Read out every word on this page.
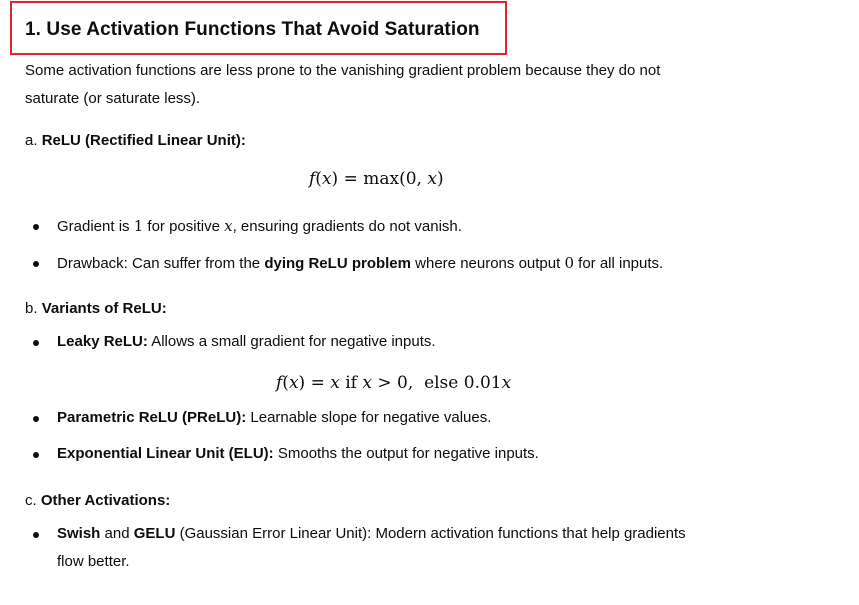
1. Use Activation Functions That Avoid Saturation
Some activation functions are less prone to the vanishing gradient problem because they do not
saturate (or saturate less).
a. ReLU (Rectified Linear Unit):
f(x) = max(0, x)
Gradient is 1 for positive x, ensuring gradients do not vanish.
Drawback: Can suffer from the dying ReLU problem where neurons output 0 for all inputs.
b. Variants of ReLU:
Leaky ReLU: Allows a small gradient for negative inputs.
f(x) = x if x > 0, else 0.01x
Parametric ReLU (PReLU): Learnable slope for negative values.
Exponential Linear Unit (ELU): Smooths the output for negative inputs.
c. Other Activations:
Swish and GELU (Gaussian Error Linear Unit): Modern activation functions that help gradients
flow better.
